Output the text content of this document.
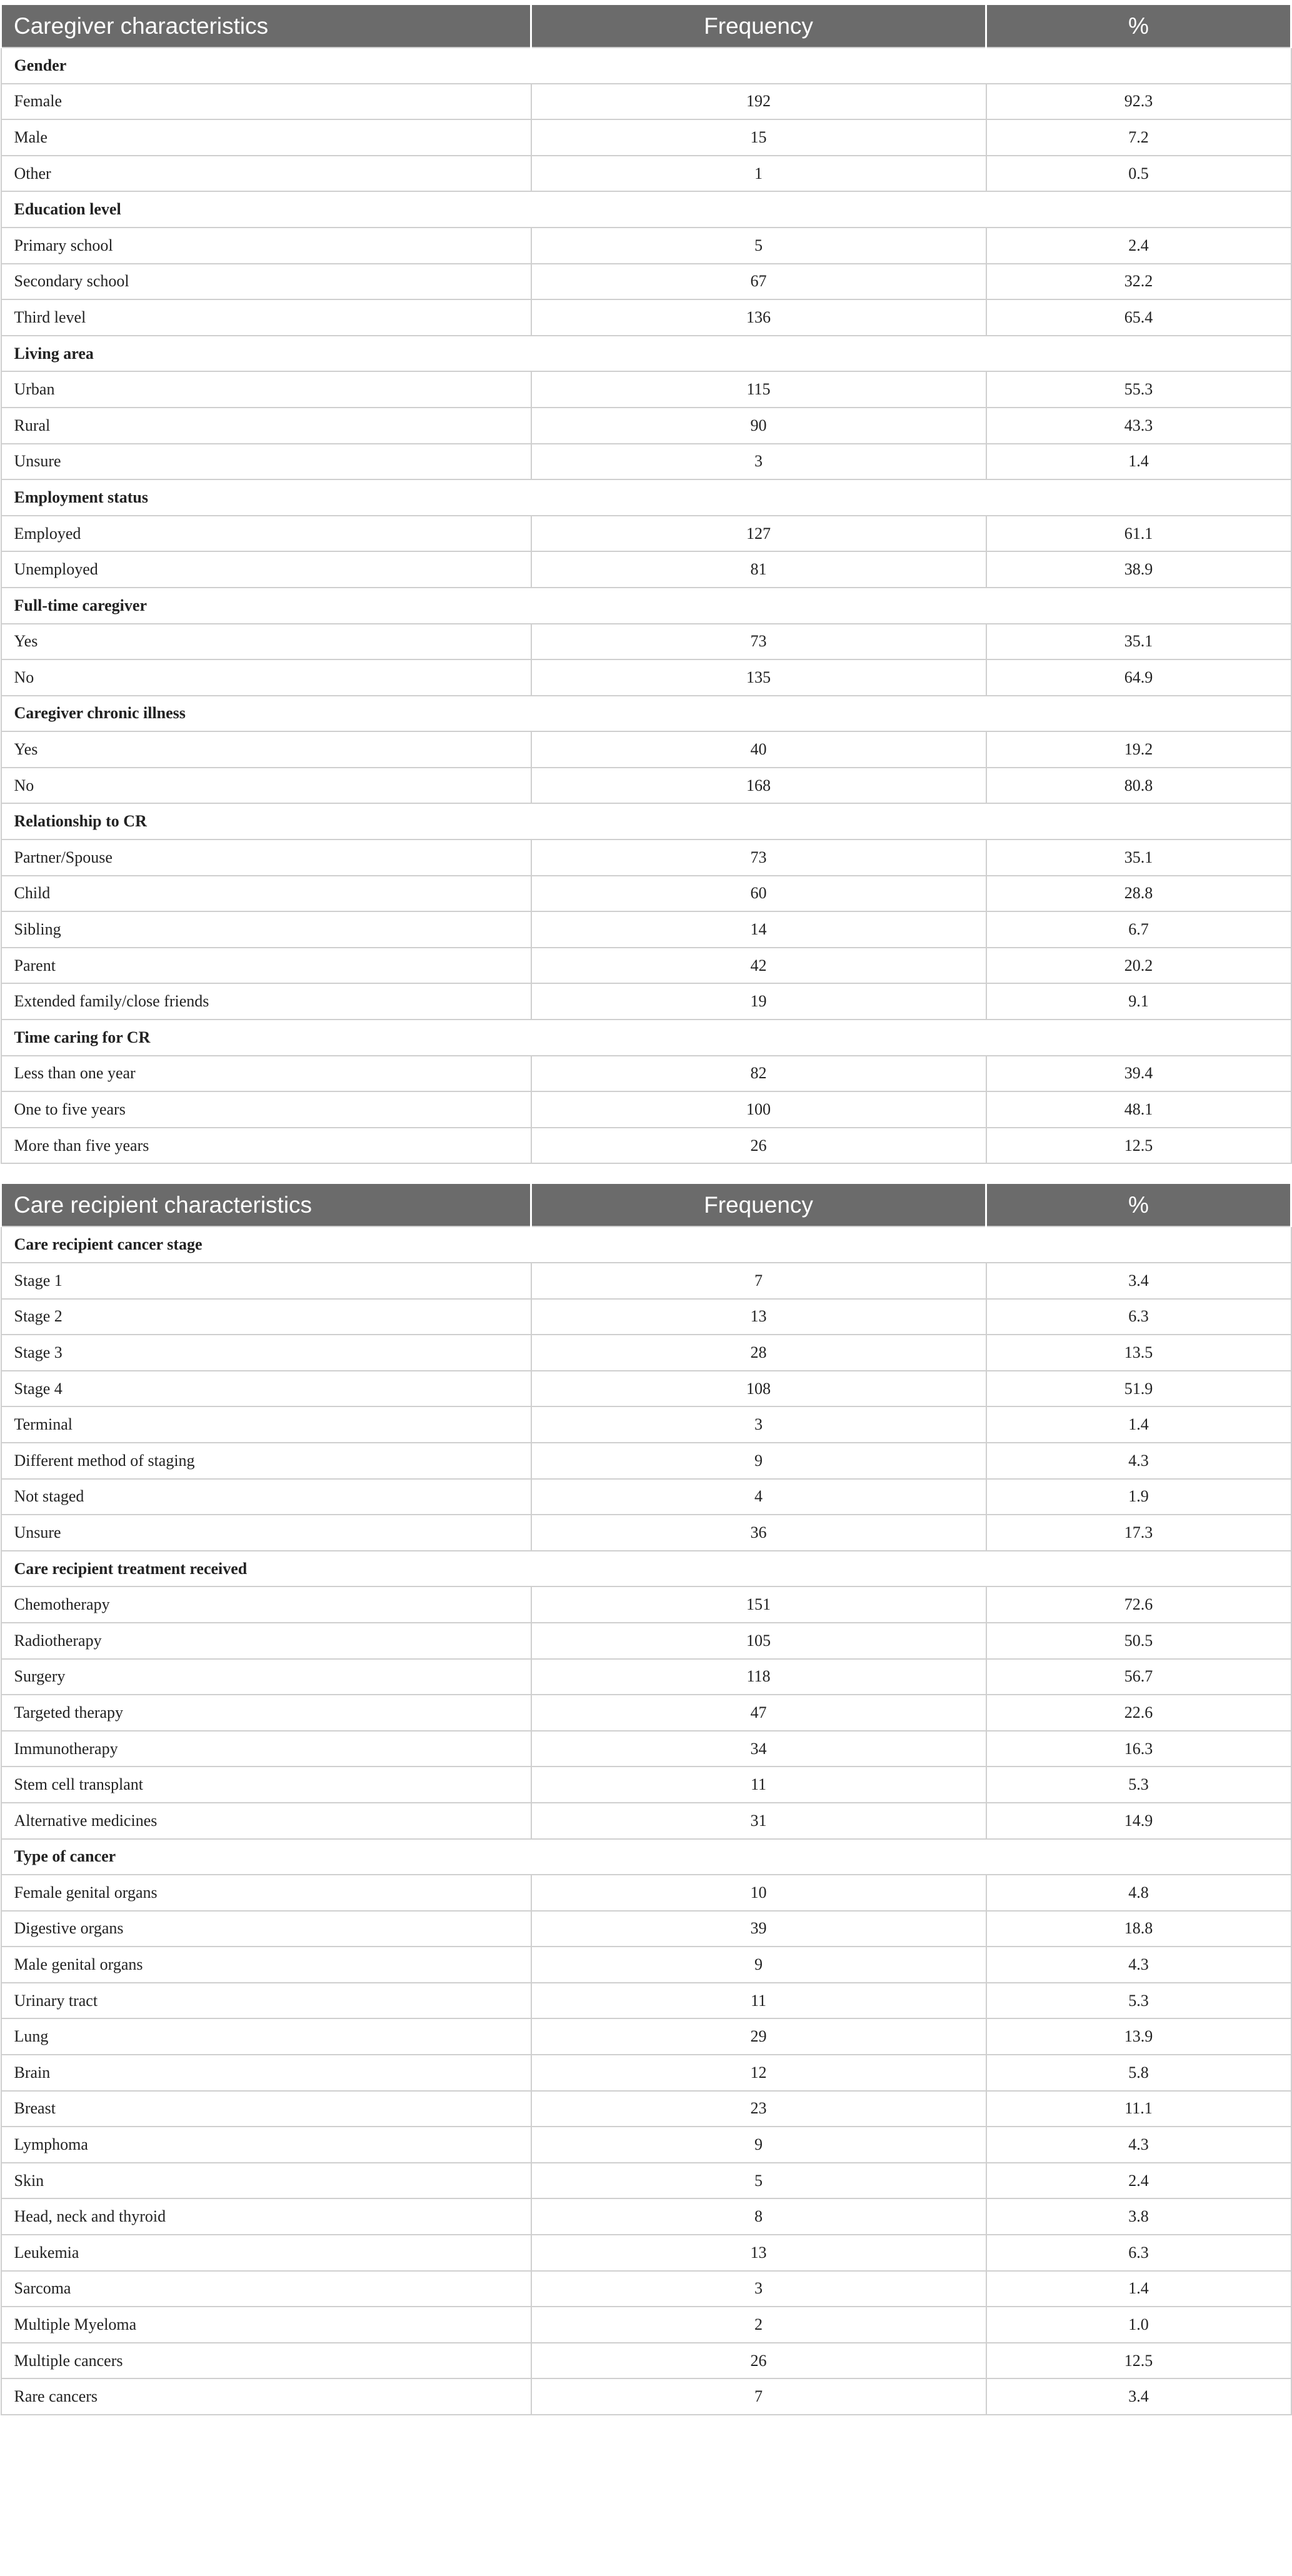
Caregiver characteristics	Frequency	%
Gender		
Female	192	92.3
Male	15	7.2
Other	1	0.5
Education level		
Primary school	5	2.4
Secondary school	67	32.2
Third level	136	65.4
Living area		
Urban	115	55.3
Rural	90	43.3
Unsure	3	1.4
Employment status		
Employed	127	61.1
Unemployed	81	38.9
Full-time caregiver		
Yes	73	35.1
No	135	64.9
Caregiver chronic illness		
Yes	40	19.2
No	168	80.8
Relationship to CR		
Partner/Spouse	73	35.1
Child	60	28.8
Sibling	14	6.7
Parent	42	20.2
Extended family/close friends	19	9.1
Time caring for CR		
Less than one year	82	39.4
One to five years	100	48.1
More than five years	26	12.5
Care recipient characteristics	Frequency	%
Care recipient cancer stage		
Stage 1	7	3.4
Stage 2	13	6.3
Stage 3	28	13.5
Stage 4	108	51.9
Terminal	3	1.4
Different method of staging	9	4.3
Not staged	4	1.9
Unsure	36	17.3
Care recipient treatment received		
Chemotherapy	151	72.6
Radiotherapy	105	50.5
Surgery	118	56.7
Targeted therapy	47	22.6
Immunotherapy	34	16.3
Stem cell transplant	11	5.3
Alternative medicines	31	14.9
Type of cancer		
Female genital organs	10	4.8
Digestive organs	39	18.8
Male genital organs	9	4.3
Urinary tract	11	5.3
Lung	29	13.9
Brain	12	5.8
Breast	23	11.1
Lymphoma	9	4.3
Skin	5	2.4
Head, neck and thyroid	8	3.8
Leukemia	13	6.3
Sarcoma	3	1.4
Multiple Myeloma	2	1.0
Multiple cancers	26	12.5
Rare cancers	7	3.4
